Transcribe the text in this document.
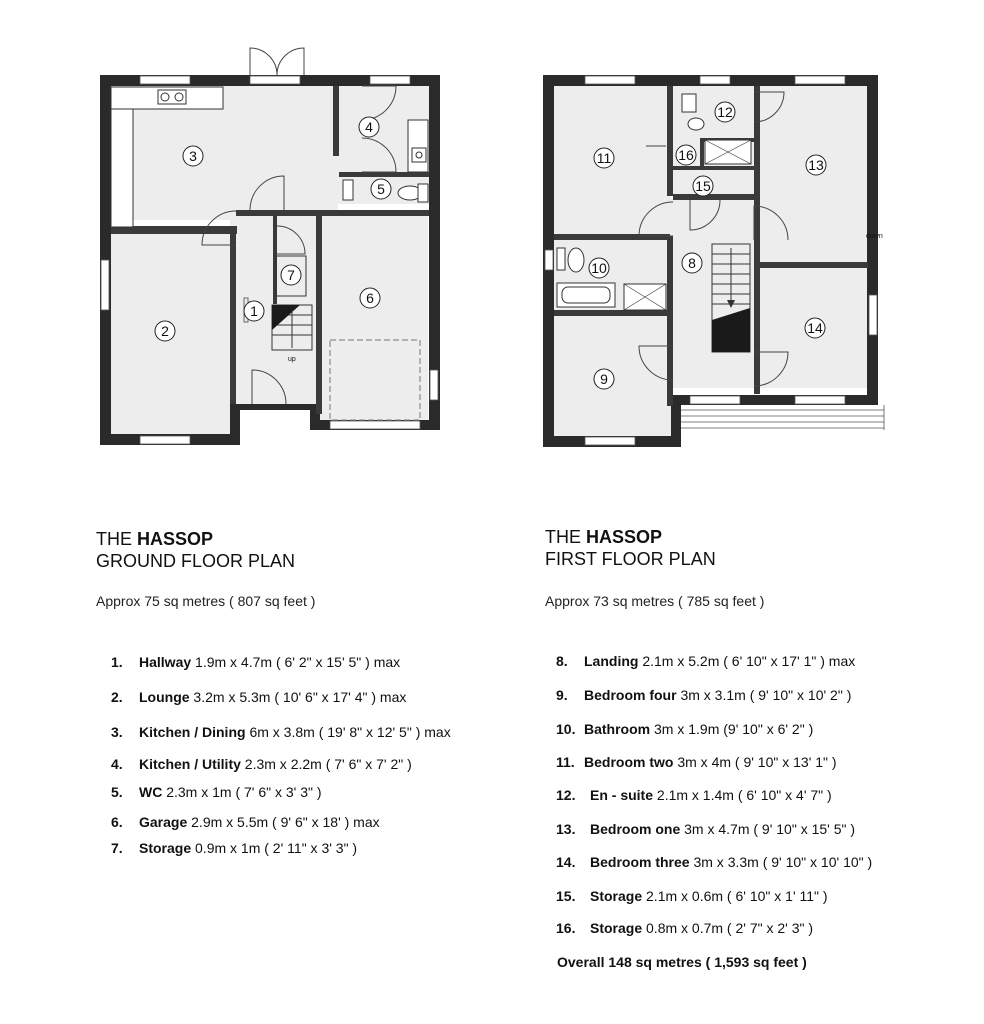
up
1
2
3
4
5
6
7
down
8
9
10
11
12
13
14
15
16
THE HASSOP
GROUND FLOOR PLAN
Approx 75 sq metres ( 807 sq feet )
1. Hallway 1.9m x 4.7m ( 6' 2" x 15' 5" ) max
2. Lounge 3.2m x 5.3m ( 10' 6" x 17' 4" ) max
3. Kitchen / Dining 6m x 3.8m ( 19' 8" x 12' 5" ) max
4. Kitchen / Utility 2.3m x 2.2m ( 7' 6" x 7' 2" )
5. WC 2.3m x 1m ( 7' 6" x 3' 3" )
6. Garage 2.9m x 5.5m ( 9' 6" x 18' ) max
7. Storage 0.9m x 1m ( 2' 11" x 3' 3" )
THE HASSOP
FIRST FLOOR PLAN
Approx 73 sq metres ( 785 sq feet )
8. Landing 2.1m x 5.2m ( 6' 10" x 17' 1" ) max
9. Bedroom four 3m x 3.1m ( 9' 10" x 10' 2" )
10. Bathroom 3m x 1.9m (9' 10" x 6' 2" )
11. Bedroom two 3m x 4m ( 9' 10" x 13' 1" )
12. En - suite 2.1m x 1.4m ( 6' 10" x 4' 7" )
13. Bedroom one 3m x 4.7m ( 9' 10" x 15' 5" )
14. Bedroom three 3m x 3.3m ( 9' 10" x 10' 10" )
15. Storage 2.1m x 0.6m ( 6' 10" x 1' 11" )
16. Storage 0.8m x 0.7m ( 2' 7" x 2' 3" )
Overall 148 sq metres ( 1,593 sq feet )
